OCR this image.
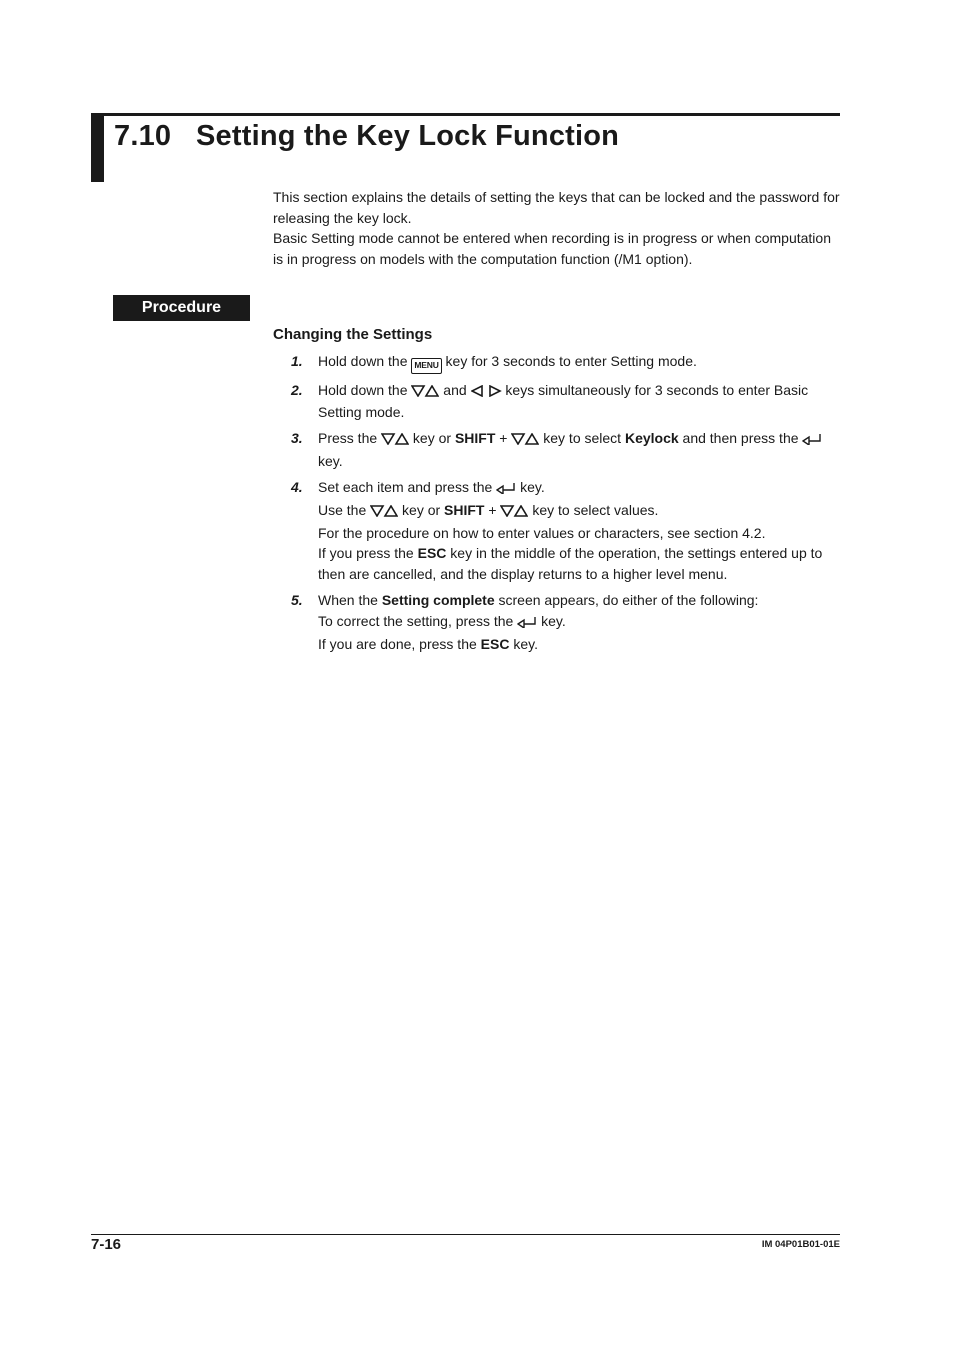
7.10 Setting the Key Lock Function

This section explains the details of setting the keys that can be locked and the password for releasing the key lock.

Basic Setting mode cannot be entered when recording is in progress or when computation is in progress on models with the computation function (/M1 option).

Procedure
Changing the Settings
1. Hold down the MENU key for 3 seconds to enter Setting mode.

2. Hold down the  and  keys simultaneously for 3 seconds to enter Basic Setting mode.

3. Press the  key or SHIFT +  key to select Keylock and then press the  key.

4. Set each item and press the  key.

Use the  key or SHIFT +  key to select values.

For the procedure on how to enter values or characters, see section 4.2.

If you press the ESC key in the middle of the operation, the settings entered up to then are cancelled, and the display returns to a higher level menu.

5. When the Setting complete screen appears, do either of the following:

To correct the setting, press the  key.

If you are done, press the ESC key.

7-16	IM 04P01B01-01E
